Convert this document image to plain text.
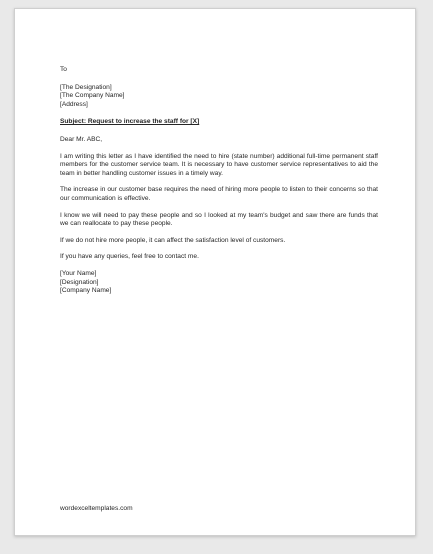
To
[The Designation]
[The Company Name]
[Address]
Subject: Request to increase the staff for [X]
Dear Mr. ABC,

I am writing this letter as I have identified the need to hire (state number) additional full-time permanent staff members for the customer service team. It is necessary to have customer service representatives to aid the team in better handling customer issues in a timely way.

The increase in our customer base requires the need of hiring more people to listen to their concerns so that our communication is effective.

I know we will need to pay these people and so I looked at my team's budget and saw there are funds that we can reallocate to pay these people.

If we do not hire more people, it can affect the satisfaction level of customers.

If you have any queries, feel free to contact me.

[Your Name]
[Designation]
[Company Name]
wordexceltemplates.com
